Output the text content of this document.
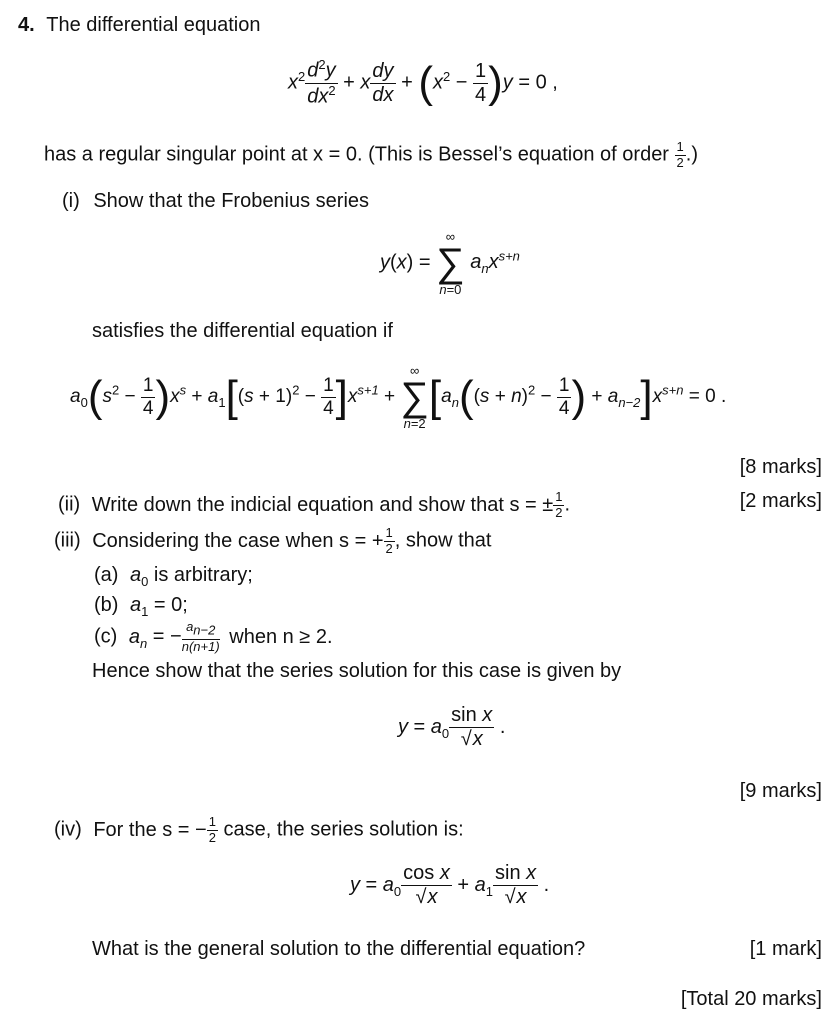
4. The differential equation
$x^2 \frac{d^2y}{dx^2} + x \frac{dy}{dx} + (x^2 - \frac{1}{4} )y = 0$ ,
has a regular singular point at x = 0. (This is Bessel’s equation of order $\frac{1}{2}$ .)
(i) Show that the Frobenius series
y(x) =
∞
∑
n=0
$a_nx^{s+n}$
satisfies the differential equation if
$a_0(s^2 - \frac{1}{4} )x^s + a_1[(s + 1)^2 - \frac{1}{4} ]x^{s+1}$ +
∞
∑
n=2
[$a_n((s + n)^2 - \frac{1}{4}$ ) + $a_{n-2}]x^{s+n} = 0$ .
[8 marks]
(ii) Write down the indicial equation and show that s = ± $\frac{1}{2}$ .	[2 marks]
(iii) Considering the case when s = + $\frac{1}{2}$ , show that
(a) $a_0$ is arbitrary;
(b) $a_1 = 0$;
(c) $a_n$ = − $\frac{a_{n-2}}{n(n+1)}$ when n ≥ 2.
Hence show that the series solution for this case is given by
$y = a_0 \frac{\text{sin x}}{√x}$ .
[9 marks]
(iv) For the s = − $\frac{1}{2}$ case, the series solution is:
$y = a_0 \frac{\text{cos x}}{√x} + a_1 \frac{\text{sin x}}{√x}$ .
What is the general solution to the differential equation?	[1 mark]
[Total 20 marks]
